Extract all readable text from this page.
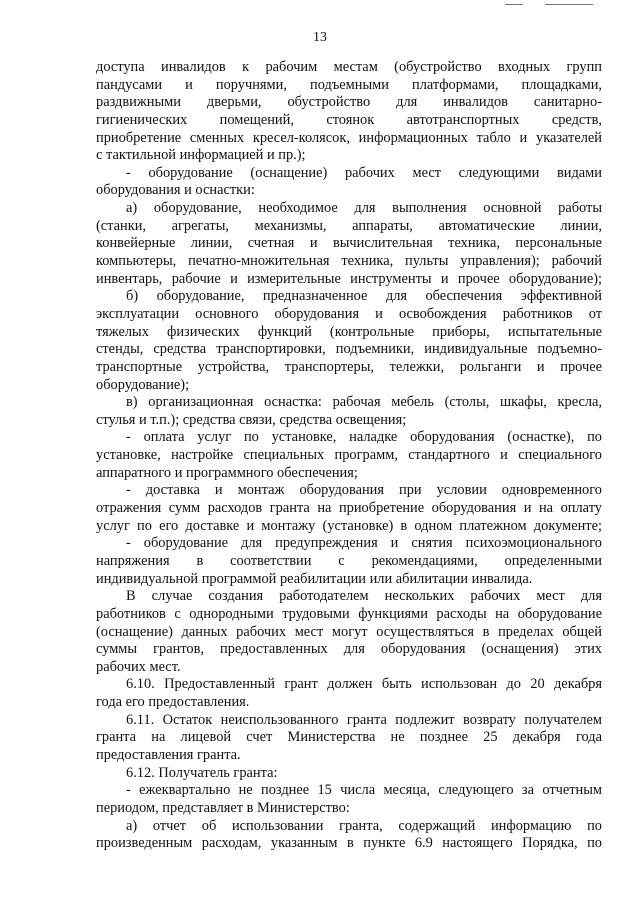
13
доступа инвалидов к рабочим местам (обустройство входных групп
пандусами и поручнями, подъемными платформами, площадками,
раздвижными дверьми, обустройство для инвалидов санитарно-
гигиенических помещений, стоянок автотранспортных средств,
приобретение сменных кресел-колясок, информационных табло и указателей
с тактильной информацией и пр.);
- оборудование (оснащение) рабочих мест следующими видами
оборудования и оснастки:
а) оборудование, необходимое для выполнения основной работы
(станки, агрегаты, механизмы, аппараты, автоматические линии,
конвейерные линии, счетная и вычислительная техника, персональные
компьютеры, печатно-множительная техника, пульты управления); рабочий
инвентарь, рабочие и измерительные инструменты и прочее оборудование);
б) оборудование, предназначенное для обеспечения эффективной
эксплуатации основного оборудования и освобождения работников от
тяжелых физических функций (контрольные приборы, испытательные
стенды, средства транспортировки, подъемники, индивидуальные подъемно-
транспортные устройства, транспортеры, тележки, рольганги и прочее
оборудование);
в) организационная оснастка: рабочая мебель (столы, шкафы, кресла,
стулья и т.п.); средства связи, средства освещения;
- оплата услуг по установке, наладке оборудования (оснастке), по
установке, настройке специальных программ, стандартного и специального
аппаратного и программного обеспечения;
- доставка и монтаж оборудования при условии одновременного
отражения сумм расходов гранта на приобретение оборудования и на оплату
услуг по его доставке и монтажу (установке) в одном платежном документе;
- оборудование для предупреждения и снятия психоэмоционального
напряжения в соответствии с рекомендациями, определенными
индивидуальной программой реабилитации или абилитации инвалида.
В случае создания работодателем нескольких рабочих мест для
работников с однородными трудовыми функциями расходы на оборудование
(оснащение) данных рабочих мест могут осуществляться в пределах общей
суммы грантов, предоставленных для оборудования (оснащения) этих
рабочих мест.
6.10. Предоставленный грант должен быть использован до 20 декабря
года его предоставления.
6.11. Остаток неиспользованного гранта подлежит возврату получателем
гранта на лицевой счет Министерства не позднее 25 декабря года
предоставления гранта.
6.12. Получатель гранта:
- ежеквартально не позднее 15 числа месяца, следующего за отчетным
периодом, представляет в Министерство:
а) отчет об использовании гранта, содержащий информацию по
произведенным расходам, указанным в пункте 6.9 настоящего Порядка, по
